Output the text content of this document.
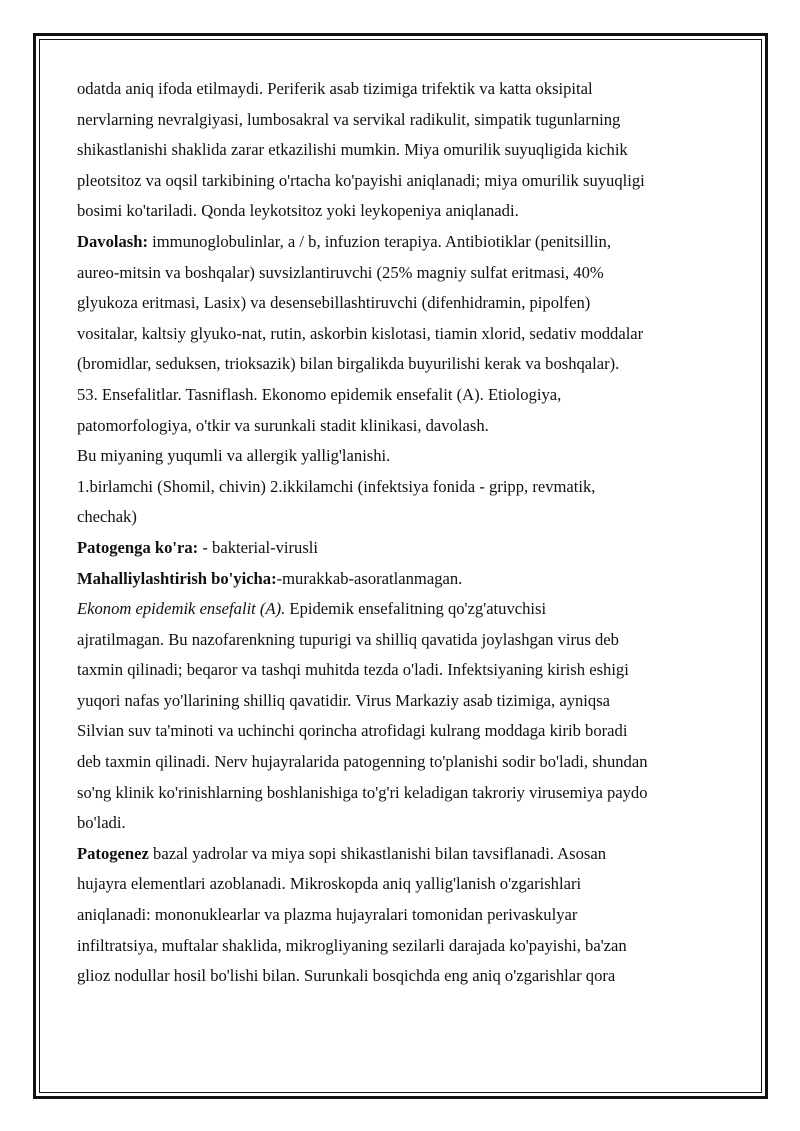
odatda aniq ifoda etilmaydi. Periferik asab tizimiga trifektik va katta oksipital

nervlarning nevralgiyasi, lumbosakral va servikal radikulit, simpatik tugunlarning

shikastlanishi shaklida zarar etkazilishi mumkin. Miya omurilik suyuqligida kichik

pleotsitoz va oqsil tarkibining o'rtacha ko'payishi aniqlanadi; miya omurilik suyuqligi

bosimi ko'tariladi. Qonda leykotsitoz yoki leykopeniya aniqlanadi.

Davolash: immunoglobulinlar, a / b, infuzion terapiya. Antibiotiklar (penitsillin,

aureo-mitsin va boshqalar) suvsizlantiruvchi (25% magniy sulfat eritmasi, 40%

glyukoza eritmasi, Lasix) va desensebillashtiruvchi (difenhidramin, pipolfen)

vositalar, kaltsiy glyuko-nat, rutin, askorbin kislotasi, tiamin xlorid, sedativ moddalar

(bromidlar, seduksen, trioksazik) bilan birgalikda buyurilishi kerak va boshqalar).

53. Ensefalitlar. Tasniflash. Ekonomo epidemik ensefalit (A). Etiologiya,

patomorfologiya, o'tkir va surunkali stadit klinikasi, davolash.

Bu miyaning yuqumli va allergik yallig'lanishi.

1.birlamchi (Shomil, chivin) 2.ikkilamchi (infektsiya fonida - gripp, revmatik,

chechak)

Patogenga ko'ra: - bakterial-virusli

Mahalliylashtirish bo'yicha:-murakkab-asoratlanmagan.

Ekonom epidemik ensefalit (A). Epidemik ensefalitning qo'zg'atuvchisi

ajratilmagan. Bu nazofarenkning tupurigi va shilliq qavatida joylashgan virus deb

taxmin qilinadi; beqaror va tashqi muhitda tezda o'ladi. Infektsiyaning kirish eshigi

yuqori nafas yo'llarining shilliq qavatidir. Virus Markaziy asab tizimiga, ayniqsa

Silvian suv ta'minoti va uchinchi qorincha atrofidagi kulrang moddaga kirib boradi

deb taxmin qilinadi. Nerv hujayralarida patogenning to'planishi sodir bo'ladi, shundan

so'ng klinik ko'rinishlarning boshlanishiga to'g'ri keladigan takroriy virusemiya paydo

bo'ladi.

Patogenez bazal yadrolar va miya sopi shikastlanishi bilan tavsiflanadi. Asosan

hujayra elementlari azoblanadi. Mikroskopda aniq yallig'lanish o'zgarishlari

aniqlanadi: mononuklearlar va plazma hujayralari tomonidan perivaskulyar

infiltratsiya, muftalar shaklida, mikrogliyaning sezilarli darajada ko'payishi, ba'zan

glioz nodullar hosil bo'lishi bilan. Surunkali bosqichda eng aniq o'zgarishlar qora
